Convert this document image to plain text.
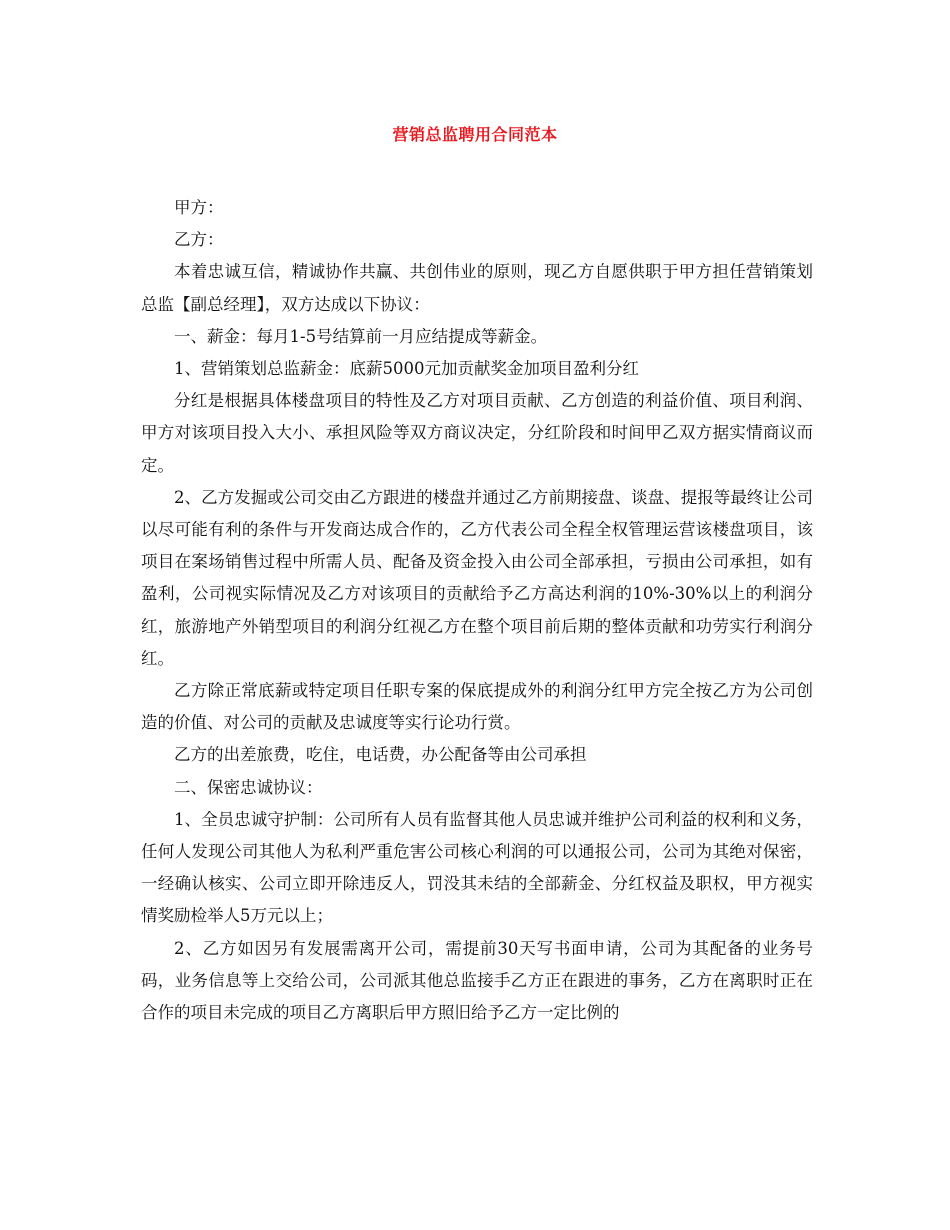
营销总监聘用合同范本

甲方：

乙方：

本着忠诚互信，精诚协作共赢、共创伟业的原则，现乙方自愿供职于甲方担任营销策划总监【副总经理】，双方达成以下协议：

一、薪金：每月1-5号结算前一月应结提成等薪金。

1、营销策划总监薪金：底薪5000元加贡献奖金加项目盈利分红

分红是根据具体楼盘项目的特性及乙方对项目贡献、乙方创造的利益价值、项目利润、甲方对该项目投入大小、承担风险等双方商议决定，分红阶段和时间甲乙双方据实情商议而定。

2、乙方发掘或公司交由乙方跟进的楼盘并通过乙方前期接盘、谈盘、提报等最终让公司以尽可能有利的条件与开发商达成合作的，乙方代表公司全程全权管理运营该楼盘项目，该项目在案场销售过程中所需人员、配备及资金投入由公司全部承担，亏损由公司承担，如有盈利，公司视实际情况及乙方对该项目的贡献给予乙方高达利润的10%-30%以上的利润分红，旅游地产外销型项目的利润分红视乙方在整个项目前后期的整体贡献和功劳实行利润分红。

乙方除正常底薪或特定项目任职专案的保底提成外的利润分红甲方完全按乙方为公司创造的价值、对公司的贡献及忠诚度等实行论功行赏。

乙方的出差旅费，吃住，电话费，办公配备等由公司承担

二、保密忠诚协议：

1、全员忠诚守护制：公司所有人员有监督其他人员忠诚并维护公司利益的权利和义务，任何人发现公司其他人为私利严重危害公司核心利润的可以通报公司，公司为其绝对保密，一经确认核实、公司立即开除违反人，罚没其未结的全部薪金、分红权益及职权，甲方视实情奖励检举人5万元以上；

2、乙方如因另有发展需离开公司，需提前30天写书面申请，公司为其配备的业务号码，业务信息等上交给公司，公司派其他总监接手乙方正在跟进的事务，乙方在离职时正在合作的项目未完成的项目乙方离职后甲方照旧给予乙方一定比例的
